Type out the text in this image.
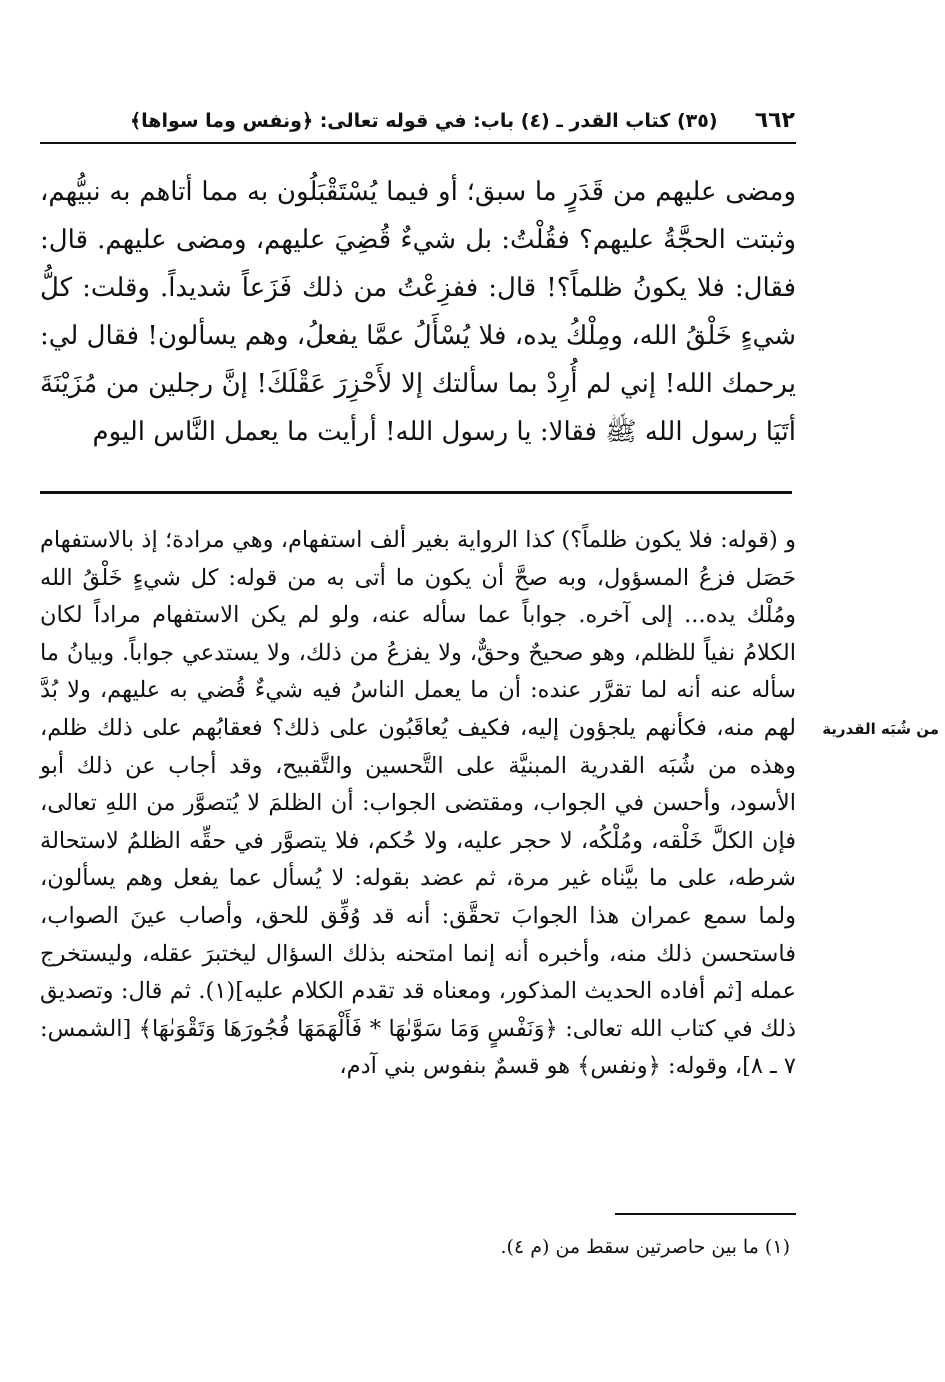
٦٦٢
(٣٥) كتاب القدر ـ (٤) باب: في قوله تعالى: ﴿ونفس وما سواها﴾

ومضى عليهم من قَدَرٍ ما سبق؛ أو فيما يُسْتَقْبَلُون به مما أتاهم به نبيُّهم، وثبتت الحجَّةُ عليهم؟ فقُلْتُ: بل شيءٌ قُضِيَ عليهم، ومضى عليهم. قال: فقال: فلا يكونُ ظلماً؟! قال: ففزِعْتُ من ذلك فَزَعاً شديداً. وقلت: كلُّ شيءٍ خَلْقُ الله، ومِلْكُ يده، فلا يُسْأَلُ عمَّا يفعلُ، وهم يسألون! فقال لي: يرحمك الله! إني لم أُرِدْ بما سألتك إلا لأَحْزِرَ عَقْلَكَ! إنَّ رجلين من مُزَيْنَةَ أتَيَا رسول الله ﷺ فقالا: يا رسول الله! أرأيت ما يعمل النَّاس اليوم

و (قوله: فلا يكون ظلماً؟) كذا الرواية بغير ألف استفهام، وهي مرادة؛ إذ بالاستفهام حَصَل فزعُ المسؤول، وبه صحَّ أن يكون ما أتى به من قوله: كل شيءٍ خَلْقُ الله ومُلْك يده... إلى آخره. جواباً عما سأله عنه، ولو لم يكن الاستفهام مراداً لكان الكلامُ نفياً للظلم، وهو صحيحٌ وحقٌّ، ولا يفزعُ من ذلك، ولا يستدعي جواباً. وبيانُ ما سأله عنه أنه لما تقرَّر عنده: أن ما يعمل الناسُ فيه شيءٌ قُضي به عليهم، ولا بُدَّ لهم منه، فكأنهم يلجؤون إليه، فكيف يُعاقَبُون على ذلك؟ فعقابُهم على ذلك ظلم، وهذه من شُبَه القدرية المبنيَّة على التَّحسين والتَّقبيح، وقد أجاب عن ذلك أبو الأسود، وأحسن في الجواب، ومقتضى الجواب: أن الظلمَ لا يُتصوَّر من اللهِ تعالى، فإن الكلَّ خَلْقه، ومُلْكُه، لا حجر عليه، ولا حُكم، فلا يتصوَّر في حقِّه الظلمُ لاستحالة شرطه، على ما بيَّناه غير مرة، ثم عضد بقوله: لا يُسأل عما يفعل وهم يسألون، ولما سمع عمران هذا الجوابَ تحقَّق: أنه قد وُفِّق للحق، وأصاب عينَ الصواب، فاستحسن ذلك منه، وأخبره أنه إنما امتحنه بذلك السؤال ليختبرَ عقله، وليستخرج عمله [ثم أفاده الحديث المذكور، ومعناه قد تقدم الكلام عليه](١). ثم قال: وتصديق ذلك في كتاب الله تعالى: ﴿وَنَفْسٍ وَمَا سَوَّىٰهَا * فَأَلْهَمَهَا فُجُورَهَا وَتَقْوَىٰهَا﴾ [الشمس: ٧ ـ ٨]، وقوله: ﴿ونفس﴾ هو قسمٌ بنفوس بني آدم،

من شُبَه القدرية

(١) ما بين حاصرتين سقط من (م ٤).
